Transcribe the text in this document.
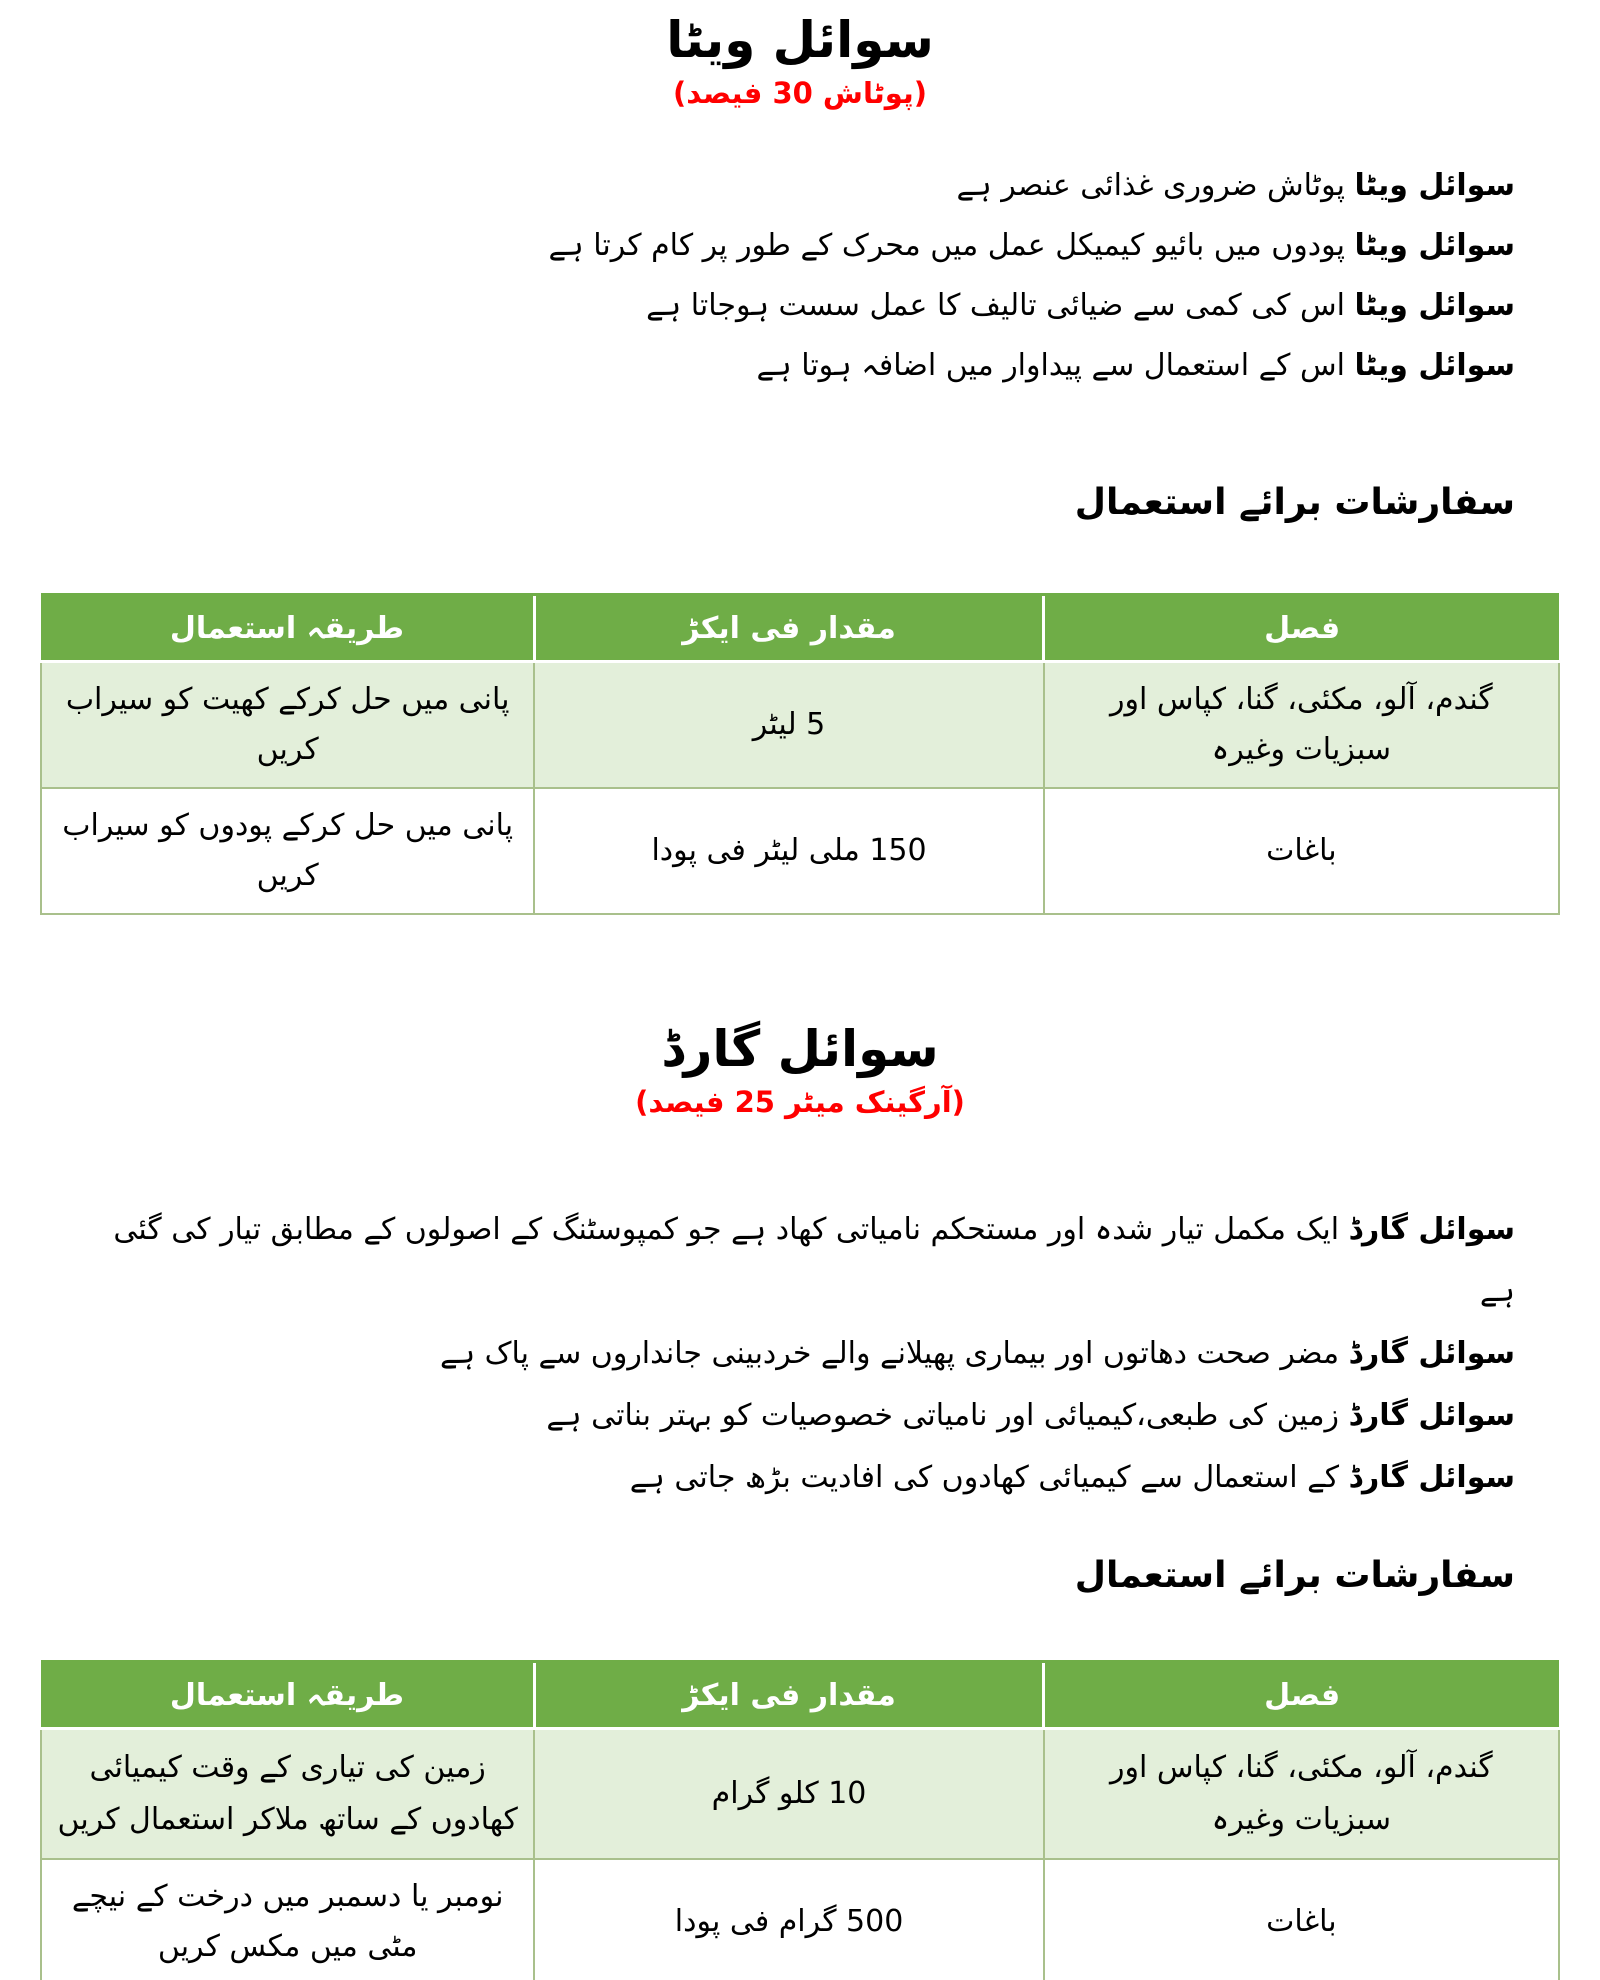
سوائل ویٹا
(پوٹاش 30 فیصد)
سوائل ویٹا پوٹاش ضروری غذائی عنصر ہے
سوائل ویٹا پودوں میں بائیو کیمیکل عمل میں محرک کے طور پر کام کرتا ہے
سوائل ویٹا اس کی کمی سے ضیائی تالیف کا عمل سست ہوجاتا ہے
سوائل ویٹا اس کے استعمال سے پیداوار میں اضافہ ہوتا ہے
سفارشات برائے استعمال
فصل	مقدار فی ایکڑ	طریقہ استعمال
گندم، آلو، مکئی، گنا، کپاس اور سبزیات وغیرہ	5 لیٹر	پانی میں حل کرکے کھیت کو سیراب کریں
باغات	150 ملی لیٹر فی پودا	پانی میں حل کرکے پودوں کو سیراب کریں
سوائل گارڈ
(آرگینک میٹر 25 فیصد)
سوائل گارڈ ایک مکمل تیار شدہ اور مستحکم نامیاتی کھاد ہے جو کمپوسٹنگ کے اصولوں کے مطابق تیار کی گئی ہے
سوائل گارڈ مضر صحت دھاتوں اور بیماری پھیلانے والے خردبینی جانداروں سے پاک ہے
سوائل گارڈ زمین کی طبعی،کیمیائی اور نامیاتی خصوصیات کو بہتر بناتی ہے
سوائل گارڈ کے استعمال سے کیمیائی کھادوں کی افادیت بڑھ جاتی ہے
سفارشات برائے استعمال
فصل	مقدار فی ایکڑ	طریقہ استعمال
گندم، آلو، مکئی، گنا، کپاس اور سبزیات وغیرہ	10 کلو گرام	زمین کی تیاری کے وقت کیمیائی کھادوں کے ساتھ ملاکر استعمال کریں
باغات	500 گرام فی پودا	نومبر یا دسمبر میں درخت کے نیچے مٹی میں مکس کریں
